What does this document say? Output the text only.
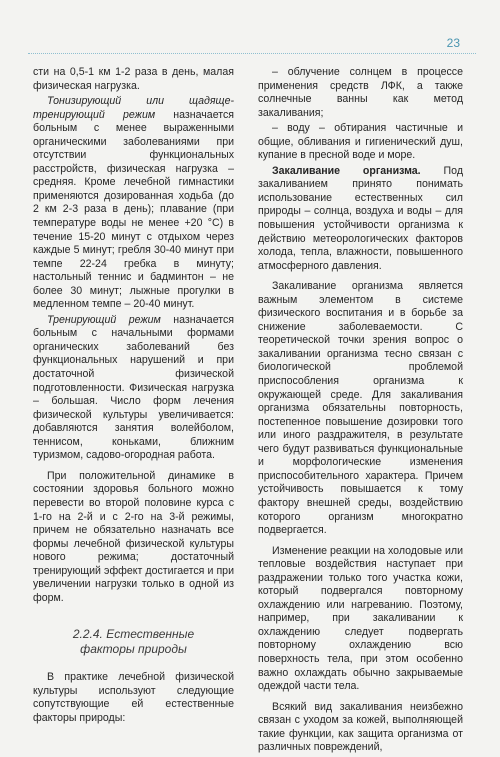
23

сти на 0,5-1 км 1-2 раза в день, малая физическая нагрузка.

Тонизирующий или щадяще-тренирующий режим назначается больным с менее выраженными органическими заболеваниями при отсутствии функциональных расстройств, физическая нагрузка – средняя. Кроме лечебной гимнастики применяются дозированная ходьба (до 2 км 2-3 раза в день); плавание (при температуре воды не менее +20 °С) в течение 15-20 минут с отдыхом через каждые 5 минут; гребля 30-40 минут при темпе 22-24 гребка в минуту; настольный теннис и бадминтон – не более 30 минут; лыжные прогулки в медленном темпе – 20-40 минут.

Тренирующий режим назначается больным с начальными формами органических заболеваний без функциональных нарушений и при достаточной физической подготовленности. Физическая нагрузка – большая. Число форм лечения физической культуры увеличивается: добавляются занятия волейболом, теннисом, коньками, ближним туризмом, садово-огородная работа.

При положительной динамике в состоянии здоровья больного можно перевести во второй половине курса с 1-го на 2-й и с 2-го на 3-й режимы, причем не обязательно назначать все формы лечебной физической культуры нового режима; достаточный тренирующий эффект достигается и при увеличении нагрузки только в одной из форм.

2.2.4. Естественные
факторы природы

В практике лечебной физической культуры используют следующие сопутствующие ей естественные факторы природы:

– облучение солнцем в процессе применения средств ЛФК, а также солнечные ванны как метод закаливания;

– воду – обтирания частичные и общие, обливания и гигиенический душ, купание в пресной воде и море.

Закаливание организма. Под закаливанием принято понимать использование естественных сил природы – солнца, воздуха и воды – для повышения устойчивости организма к действию метеорологических факторов холода, тепла, влажности, повышенного атмосферного давления.

Закаливание организма является важным элементом в системе физического воспитания и в борьбе за снижение заболеваемости. С теоретической точки зрения вопрос о закаливании организма тесно связан с биологической проблемой приспособления организма к окружающей среде. Для закаливания организма обязательны повторность, постепенное повышение дозировки того или иного раздражителя, в результате чего будут развиваться функциональные и морфологические изменения приспособительного характера. Причем устойчивость повышается к тому фактору внешней среды, воздействию которого организм многократно подвергается.

Изменение реакции на холодовые или тепловые воздействия наступает при раздражении только того участка кожи, который подвергался повторному охлаждению или нагреванию. Поэтому, например, при закаливании к охлаждению следует подвергать повторному охлаждению всю поверхность тела, при этом особенно важно охлаждать обычно закрываемые одеждой части тела.

Всякий вид закаливания неизбежно связан с уходом за кожей, выполняющей такие функции, как защита организма от различных повреждений,
